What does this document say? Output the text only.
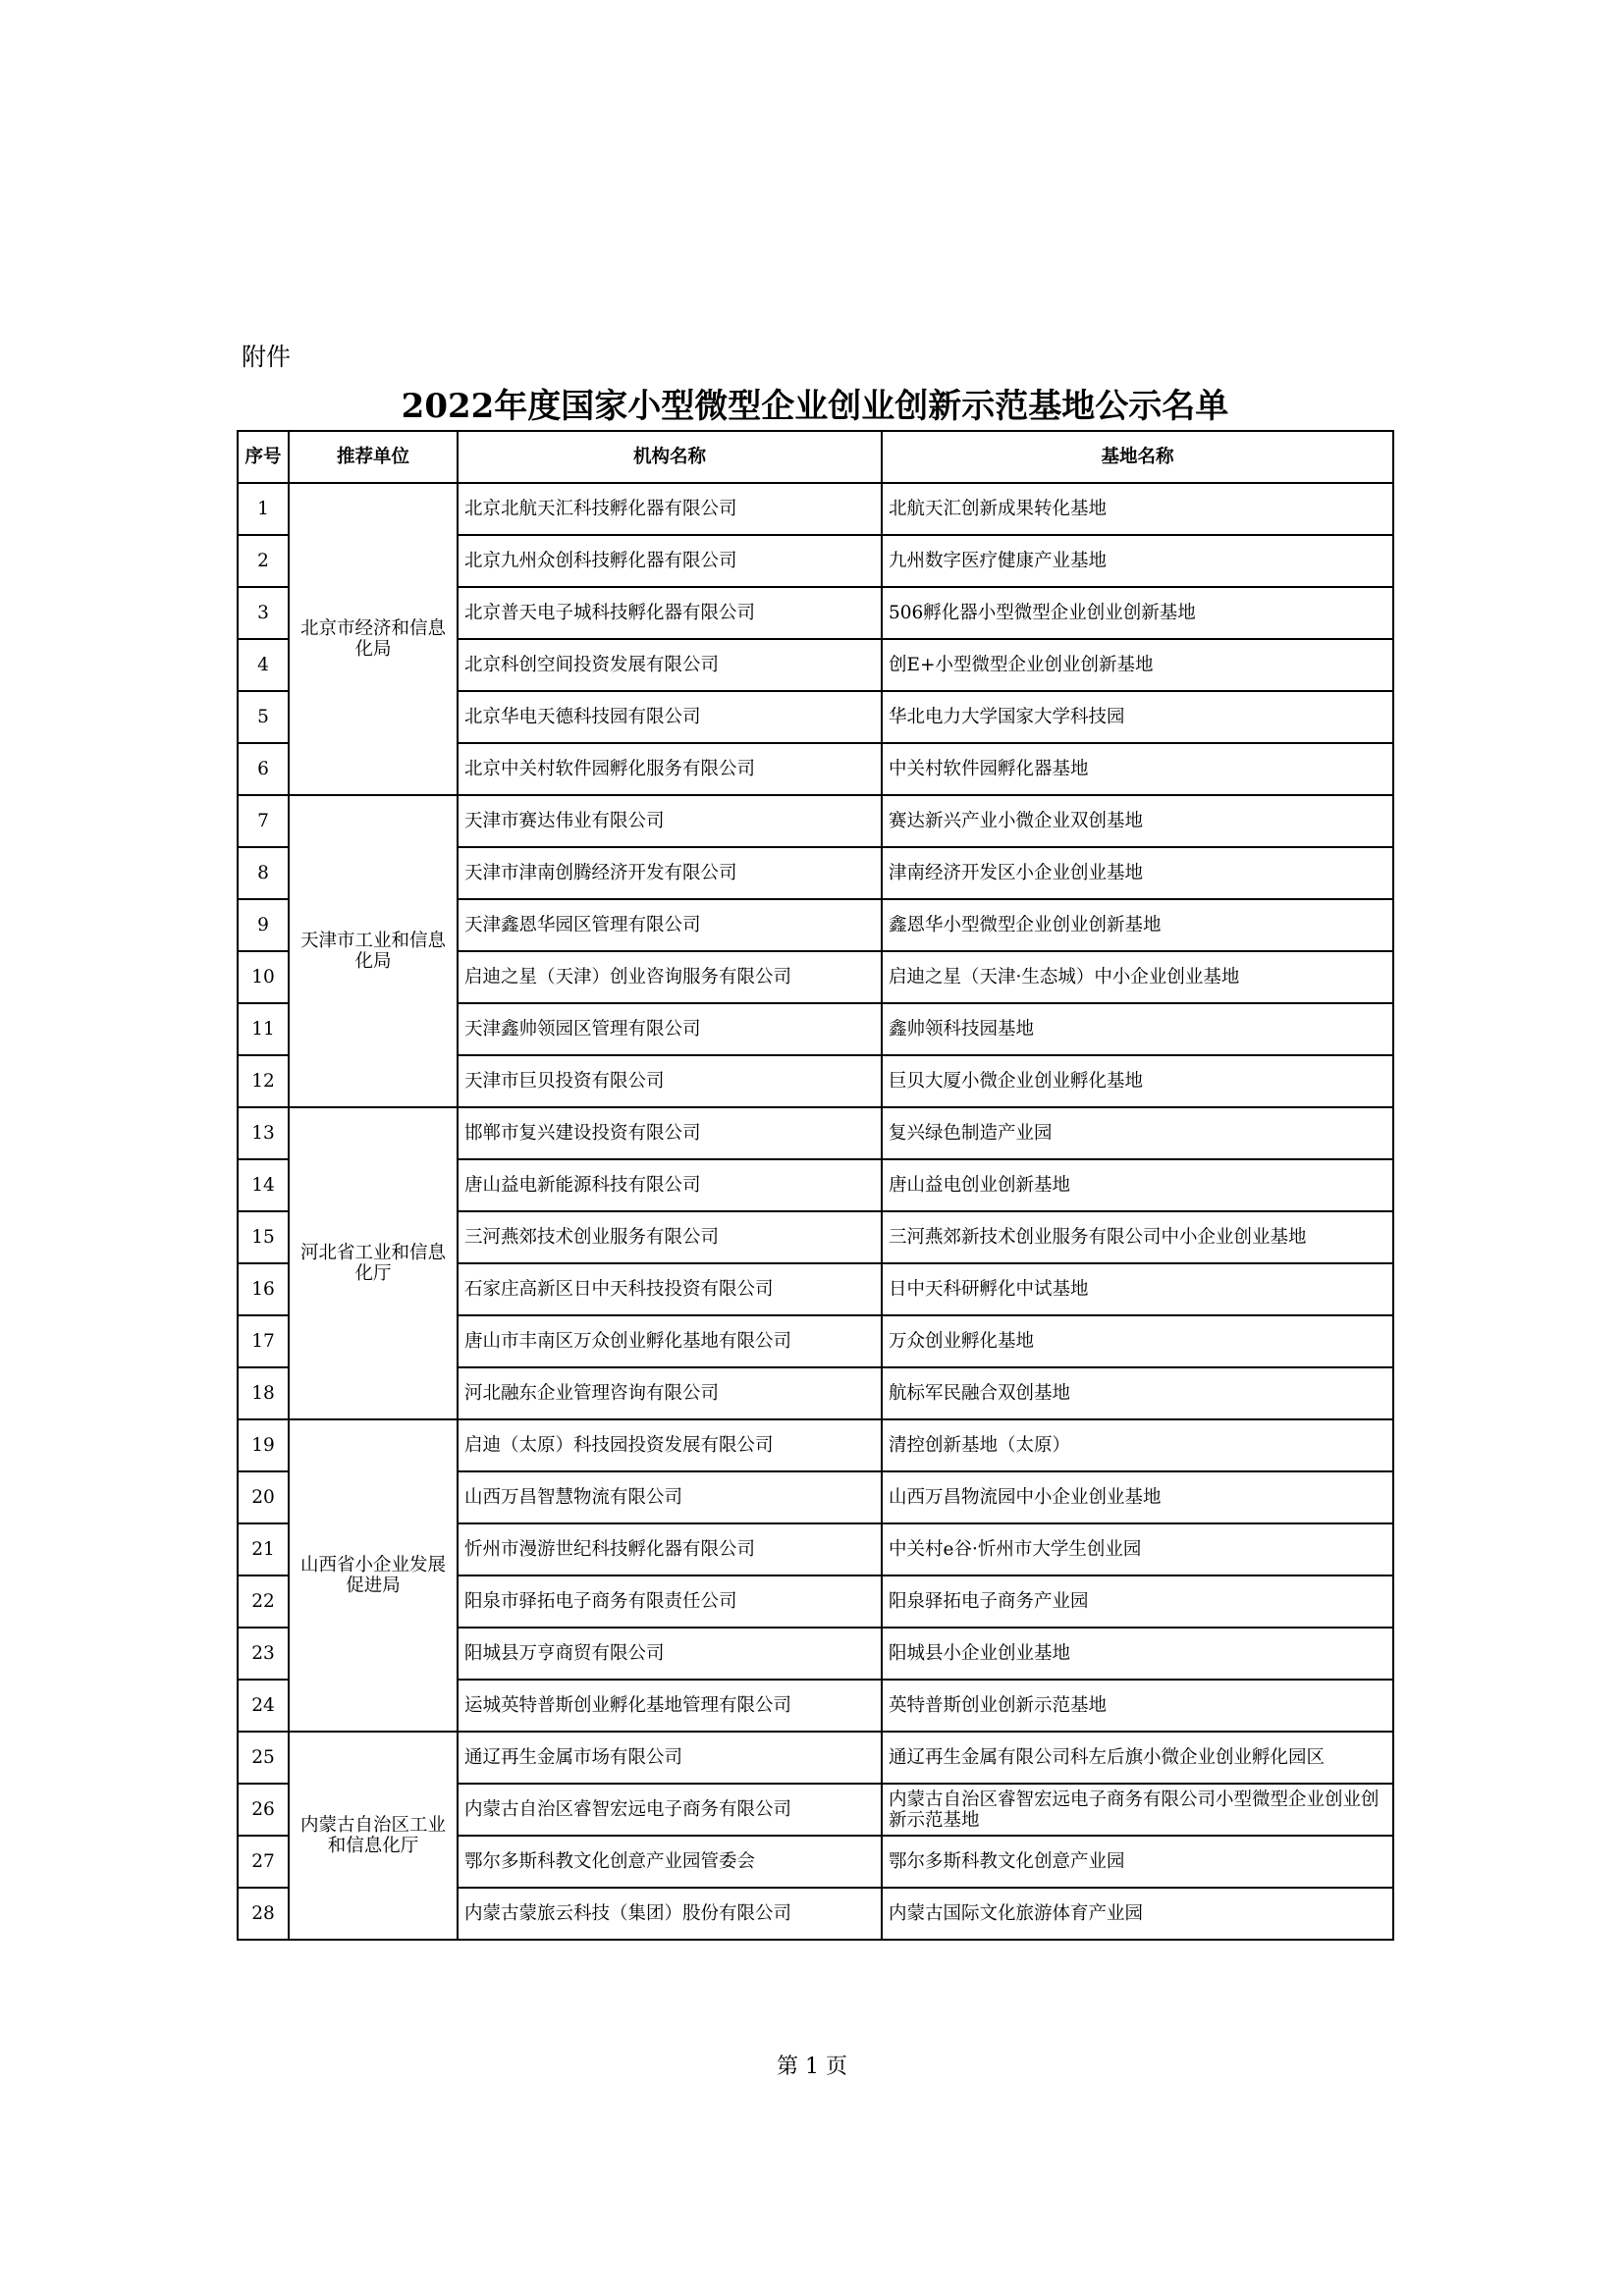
附件
2022年度国家小型微型企业创业创新示范基地公示名单
序号	推荐单位	机构名称	基地名称
1	北京市经济和信息化局	北京北航天汇科技孵化器有限公司	北航天汇创新成果转化基地
2		北京九州众创科技孵化器有限公司	九州数字医疗健康产业基地
3		北京普天电子城科技孵化器有限公司	506孵化器小型微型企业创业创新基地
4		北京科创空间投资发展有限公司	创E+小型微型企业创业创新基地
5		北京华电天德科技园有限公司	华北电力大学国家大学科技园
6		北京中关村软件园孵化服务有限公司	中关村软件园孵化器基地
7	天津市工业和信息化局	天津市赛达伟业有限公司	赛达新兴产业小微企业双创基地
8		天津市津南创腾经济开发有限公司	津南经济开发区小企业创业基地
9		天津鑫恩华园区管理有限公司	鑫恩华小型微型企业创业创新基地
10		启迪之星（天津）创业咨询服务有限公司	启迪之星（天津·生态城）中小企业创业基地
11		天津鑫帅领园区管理有限公司	鑫帅领科技园基地
12		天津市巨贝投资有限公司	巨贝大厦小微企业创业孵化基地
13	河北省工业和信息化厅	邯郸市复兴建设投资有限公司	复兴绿色制造产业园
14		唐山益电新能源科技有限公司	唐山益电创业创新基地
15		三河燕郊技术创业服务有限公司	三河燕郊新技术创业服务有限公司中小企业创业基地
16		石家庄高新区日中天科技投资有限公司	日中天科研孵化中试基地
17		唐山市丰南区万众创业孵化基地有限公司	万众创业孵化基地
18		河北融东企业管理咨询有限公司	航标军民融合双创基地
19	山西省小企业发展促进局	启迪（太原）科技园投资发展有限公司	清控创新基地（太原）
20		山西万昌智慧物流有限公司	山西万昌物流园中小企业创业基地
21		忻州市漫游世纪科技孵化器有限公司	中关村e谷·忻州市大学生创业园
22		阳泉市驿拓电子商务有限责任公司	阳泉驿拓电子商务产业园
23		阳城县万亨商贸有限公司	阳城县小企业创业基地
24		运城英特普斯创业孵化基地管理有限公司	英特普斯创业创新示范基地
25	内蒙古自治区工业和信息化厅	通辽再生金属市场有限公司	通辽再生金属有限公司科左后旗小微企业创业孵化园区
26		内蒙古自治区睿智宏远电子商务有限公司	内蒙古自治区睿智宏远电子商务有限公司小型微型企业创业创新示范基地
27		鄂尔多斯科教文化创意产业园管委会	鄂尔多斯科教文化创意产业园
28		内蒙古蒙旅云科技（集团）股份有限公司	内蒙古国际文化旅游体育产业园
第 1 页
